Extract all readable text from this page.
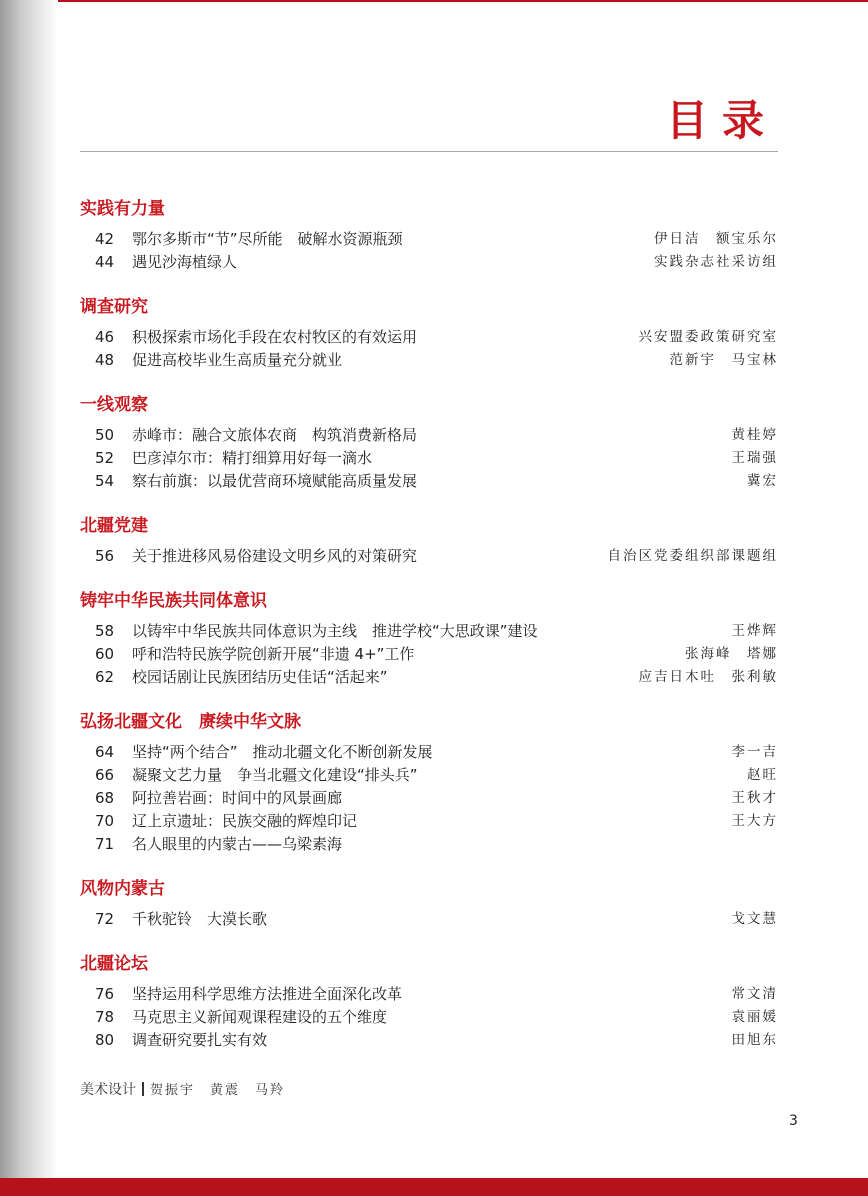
目录
实践有力量
42	鄂尔多斯市“节”尽所能　破解水资源瓶颈	伊日洁　额宝乐尔
44	遇见沙海植绿人	实践杂志社采访组
调查研究
46	积极探索市场化手段在农村牧区的有效运用	兴安盟委政策研究室
48	促进高校毕业生高质量充分就业	范新宇　马宝林
一线观察
50	赤峰市：融合文旅体农商　构筑消费新格局	黄桂婷
52	巴彦淖尔市：精打细算用好每一滴水	王瑞强
54	察右前旗：以最优营商环境赋能高质量发展	冀宏
北疆党建
56	关于推进移风易俗建设文明乡风的对策研究	自治区党委组织部课题组
铸牢中华民族共同体意识
58	以铸牢中华民族共同体意识为主线　推进学校“大思政课”建设	王烨辉
60	呼和浩特民族学院创新开展“非遗 4+”工作	张海峰　塔娜
62	校园话剧让民族团结历史佳话“活起来”	应吉日木吐　张利敏
弘扬北疆文化　赓续中华文脉
64	坚持“两个结合”　推动北疆文化不断创新发展	李一吉
66	凝聚文艺力量　争当北疆文化建设“排头兵”	赵旺
68	阿拉善岩画：时间中的风景画廊	王秋才
70	辽上京遗址：民族交融的辉煌印记	王大方
71	名人眼里的内蒙古——乌梁素海
风物内蒙古
72	千秋驼铃　大漠长歌	戈文慧
北疆论坛
76	坚持运用科学思维方法推进全面深化改革	常文清
78	马克思主义新闻观课程建设的五个维度	袁丽媛
80	调查研究要扎实有效	田旭东
美术设计 贺振宇　黄震　马羚
3
